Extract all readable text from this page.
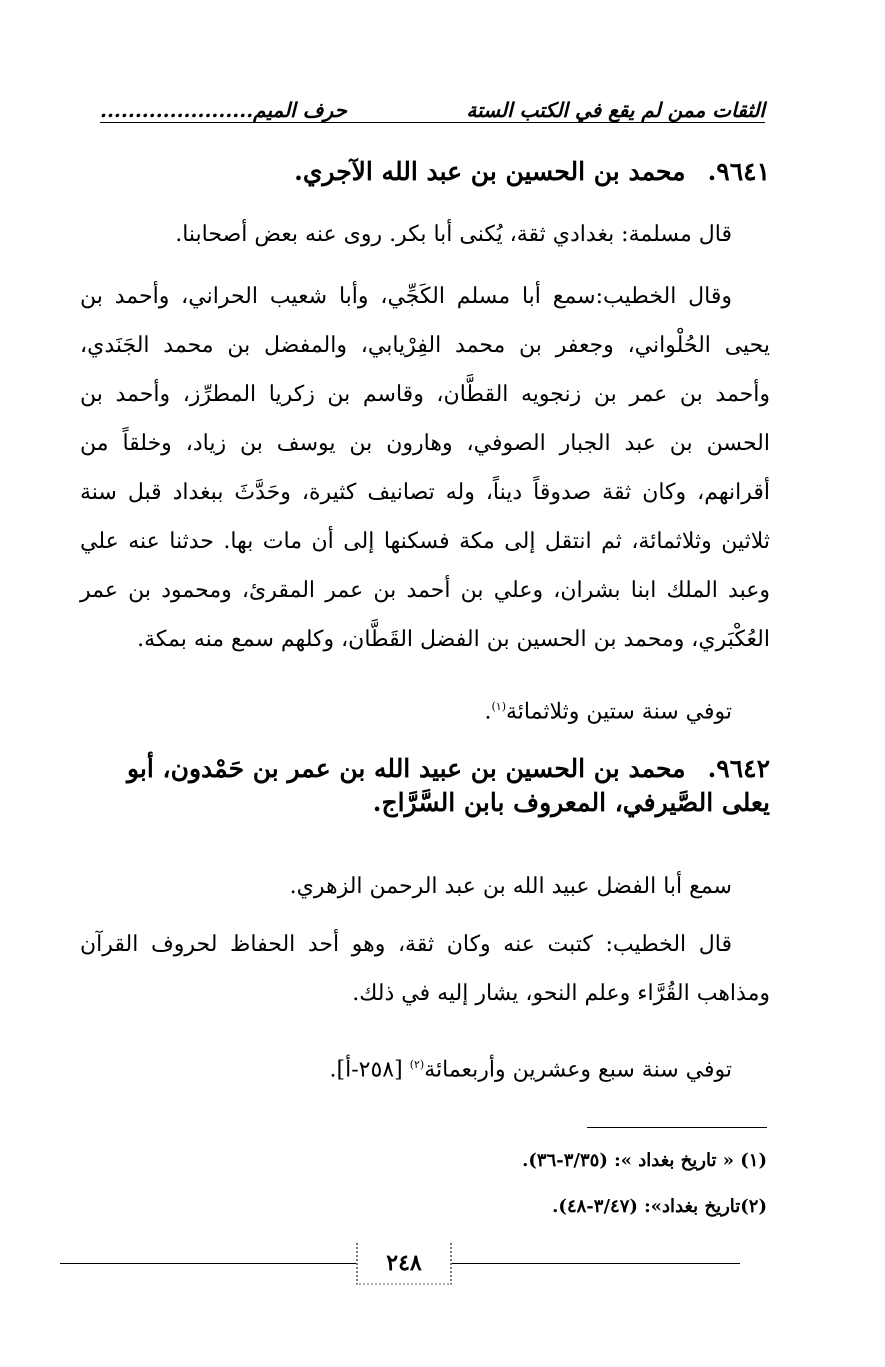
حرف الميم......................	الثقات ممن لم يقع في الكتب الستة
٩٦٤١.محمد بن الحسين بن عبد الله الآجري.
قال مسلمة: بغدادي ثقة، يُكنى أبا بكر. روى عنه بعض أصحابنا.
وقال الخطيب:سمع أبا مسلم الكَجِّي، وأبا شعيب الحراني، وأحمد بن يحيى الحُلْواني، وجعفر بن محمد الفِرْيابي، والمفضل بن محمد الجَنَدي، وأحمد بن عمر بن زنجويه القطَّان، وقاسم بن زكريا المطرِّز، وأحمد بن الحسن بن عبد الجبار الصوفي، وهارون بن يوسف بن زياد، وخلقاً من أقرانهم، وكان ثقة صدوقاً ديناً، وله تصانيف كثيرة، وحَدَّثَ ببغداد قبل سنة ثلاثين وثلاثمائة، ثم انتقل إلى مكة فسكنها إلى أن مات بها. حدثنا عنه علي وعبد الملك ابنا بشران، وعلي بن أحمد بن عمر المقرئ، ومحمود بن عمر العُكْبَري، ومحمد بن الحسين بن الفضل القَطَّان، وكلهم سمع منه بمكة.
توفي سنة ستين وثلاثمائة$^{(١)}$.
٩٦٤٢.محمد بن الحسين بن عبيد الله بن عمر بن حَمْدون، أبو يعلى الصَّيرفي، المعروف بابن السَّرَّاج.
سمع أبا الفضل عبيد الله بن عبد الرحمن الزهري.
قال الخطيب: كتبت عنه وكان ثقة، وهو أحد الحفاظ لحروف القرآن ومذاهب القُرَّاء وعلم النحو، يشار إليه في ذلك.
توفي سنة سبع وعشرين وأربعمائة$^{(٢)}$ [٢٥٨-أ].
(١) « تاريخ بغداد »: (٣/٣٥-٣٦).
(٢)تاريخ بغداد»: (٣/٤٧-٤٨).
٢٤٨
